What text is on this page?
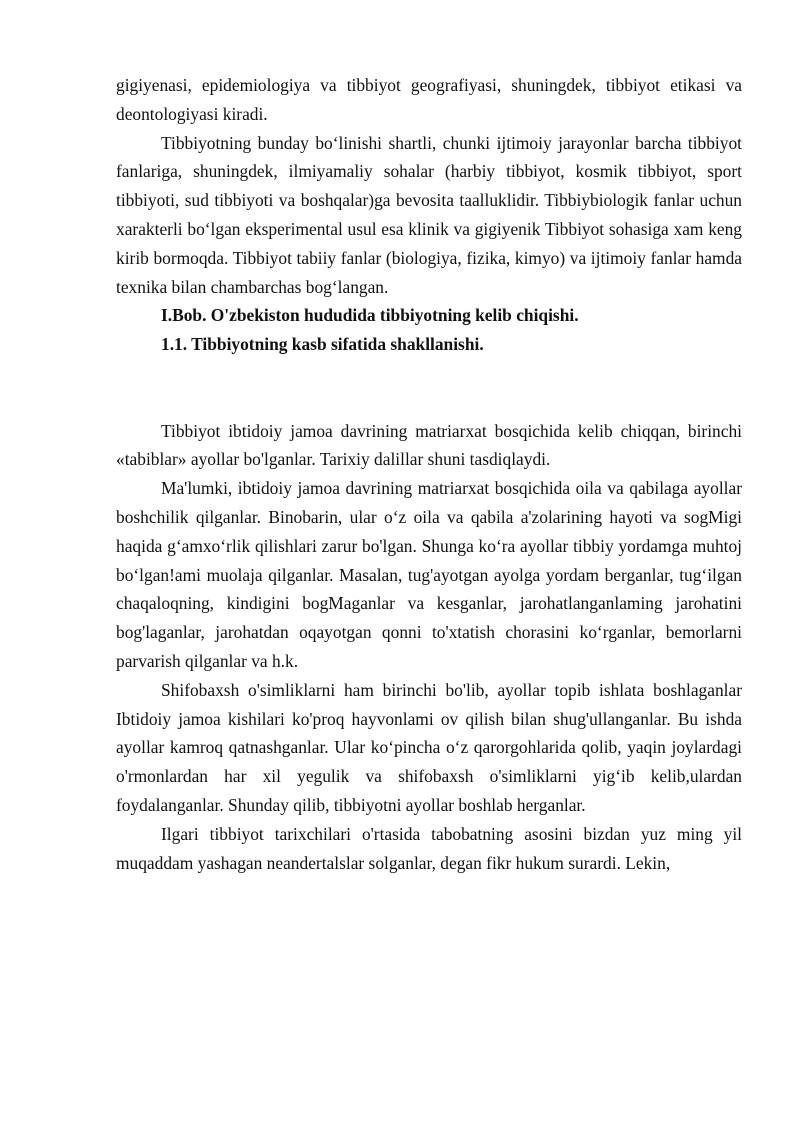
gigiyenasi, epidemiologiya va tibbiyot geografiyasi, shuningdek, tibbiyot etikasi va deontologiyasi kiradi.

Tibbiyotning bunday bo‘linishi shartli, chunki ijtimoiy jarayonlar barcha tibbiyot fanlariga, shuningdek, ilmiyamaliy sohalar (harbiy tibbiyot, kosmik tibbiyot, sport tibbiyoti, sud tibbiyoti va boshqalar)ga bevosita taalluklidir. Tibbiybiologik fanlar uchun xarakterli bo‘lgan eksperimental usul esa klinik va gigiyenik Tibbiyot sohasiga xam keng kirib bormoqda. Tibbiyot tabiiy fanlar (biologiya, fizika, kimyo) va ijtimoiy fanlar hamda texnika bilan chambarchas bog‘langan.

I.Bob. O'zbekiston hududida tibbiyotning kelib chiqishi.

1.1. Tibbiyotning kasb sifatida shakllanishi.

Tibbiyot ibtidoiy jamoa davrining matriarxat bosqichida kelib chiqqan, birinchi «tabiblar» ayollar bo'lganlar. Tarixiy dalillar shuni tasdiqlaydi.

Ma'lumki, ibtidoiy jamoa davrining matriarxat bosqichida oila va qabilaga ayollar boshchilik qilganlar. Binobarin, ular o‘z oila va qabila a'zolarining hayoti va sogMigi haqida g‘amxo‘rlik qilishlari zarur bo'lgan. Shunga ko‘ra ayollar tibbiy yordamga muhtoj bo‘lgan!ami muolaja qilganlar. Masalan, tug'ayotgan ayolga yordam berganlar, tug‘ilgan chaqaloqning, kindigini bogMaganlar va kesganlar, jarohatlanganlaming jarohatini bog'laganlar, jarohatdan oqayotgan qonni to'xtatish chorasini ko‘rganlar, bemorlarni parvarish qilganlar va h.k.

Shifobaxsh o'simliklarni ham birinchi bo'lib, ayollar topib ishlata boshlaganlar Ibtidoiy jamoa kishilari ko'proq hayvonlami ov qilish bilan shug'ullanganlar. Bu ishda ayollar kamroq qatnashganlar. Ular ko‘pincha o‘z qarorgohlarida qolib, yaqin joylardagi o'rmonlardan har xil yegulik va shifobaxsh o'simliklarni yig‘ib kelib,ulardan foydalanganlar. Shunday qilib, tibbiyotni ayollar boshlab herganlar.

Ilgari tibbiyot tarixchilari o'rtasida tabobatning asosini bizdan yuz ming yil muqaddam yashagan neandertalslar solganlar, degan fikr hukum surardi. Lekin,
